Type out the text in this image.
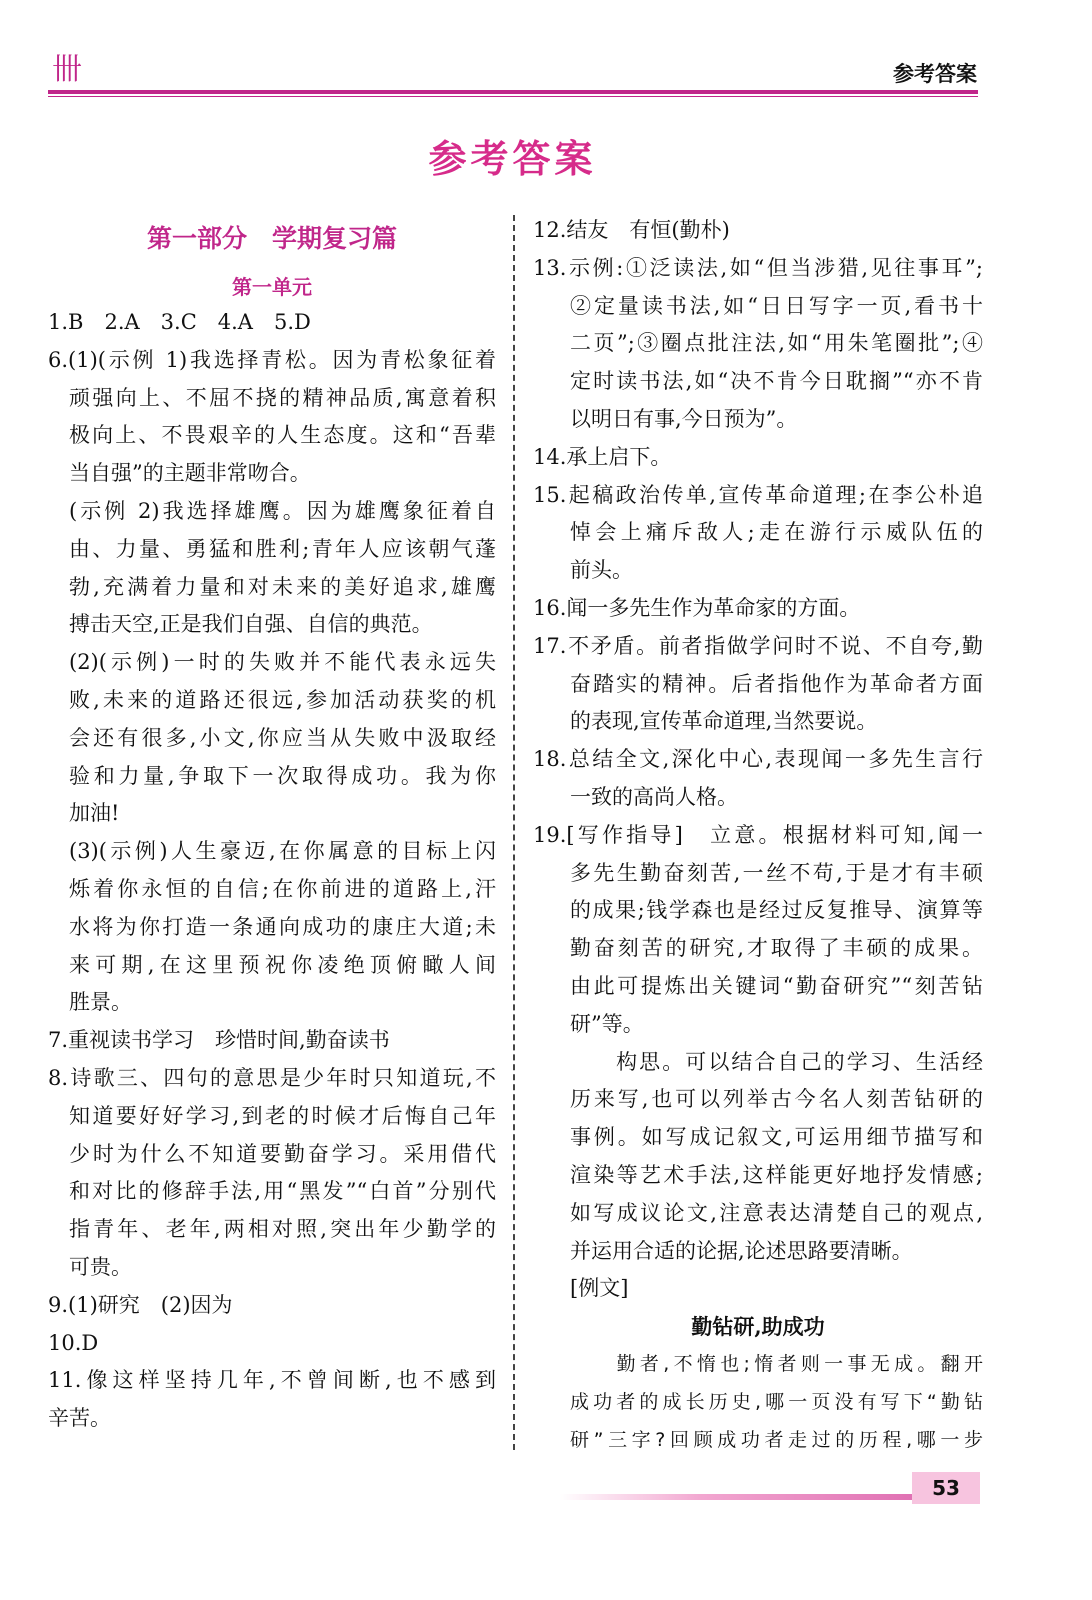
卌	参考答案
参考答案
第一部分　学期复习篇
第一单元
1.B　2.A　3.C　4.A　5.D
6.(1)(示例 1)我选择青松。因为青松象征着
顽强向上、不屈不挠的精神品质,寓意着积
极向上、不畏艰辛的人生态度。这和“吾辈
当自强”的主题非常吻合。
(示例 2)我选择雄鹰。因为雄鹰象征着自
由、力量、勇猛和胜利;青年人应该朝气蓬
勃,充满着力量和对未来的美好追求,雄鹰
搏击天空,正是我们自强、自信的典范。
(2)(示例)一时的失败并不能代表永远失
败,未来的道路还很远,参加活动获奖的机
会还有很多,小文,你应当从失败中汲取经
验和力量,争取下一次取得成功。我为你
加油!
(3)(示例)人生豪迈,在你属意的目标上闪
烁着你永恒的自信;在你前进的道路上,汗
水将为你打造一条通向成功的康庄大道;未
来可期,在这里预祝你凌绝顶俯瞰人间
胜景。
7.重视读书学习　珍惜时间,勤奋读书
8.诗歌三、四句的意思是少年时只知道玩,不
知道要好好学习,到老的时候才后悔自己年
少时为什么不知道要勤奋学习。采用借代
和对比的修辞手法,用“黑发”“白首”分别代
指青年、老年,两相对照,突出年少勤学的
可贵。
9.(1)研究　(2)因为
10.D
11.像这样坚持几年,不曾间断,也不感到
辛苦。
12.结友　有恒(勤朴)
13.示例:①泛读法,如“但当涉猎,见往事耳”;
②定量读书法,如“日日写字一页,看书十
二页”;③圈点批注法,如“用朱笔圈批”;④
定时读书法,如“决不肯今日耽搁”“亦不肯
以明日有事,今日预为”。
14.承上启下。
15.起稿政治传单,宣传革命道理;在李公朴追
悼会上痛斥敌人;走在游行示威队伍的
前头。
16.闻一多先生作为革命家的方面。
17.不矛盾。前者指做学问时不说、不自夸,勤
奋踏实的精神。后者指他作为革命者方面
的表现,宣传革命道理,当然要说。
18.总结全文,深化中心,表现闻一多先生言行
一致的高尚人格。
19.[写作指导]　立意。根据材料可知,闻一
多先生勤奋刻苦,一丝不苟,于是才有丰硕
的成果;钱学森也是经过反复推导、演算等
勤奋刻苦的研究,才取得了丰硕的成果。
由此可提炼出关键词“勤奋研究”“刻苦钻
研”等。
　　构思。可以结合自己的学习、生活经
历来写,也可以列举古今名人刻苦钻研的
事例。如写成记叙文,可运用细节描写和
渲染等艺术手法,这样能更好地抒发情感;
如写成议论文,注意表达清楚自己的观点,
并运用合适的论据,论述思路要清晰。
[例文]
勤钻研,助成功
　　勤者,不惰也;惰者则一事无成。翻开
成功者的成长历史,哪一页没有写下“勤钻
研”三字?回顾成功者走过的历程,哪一步
53
